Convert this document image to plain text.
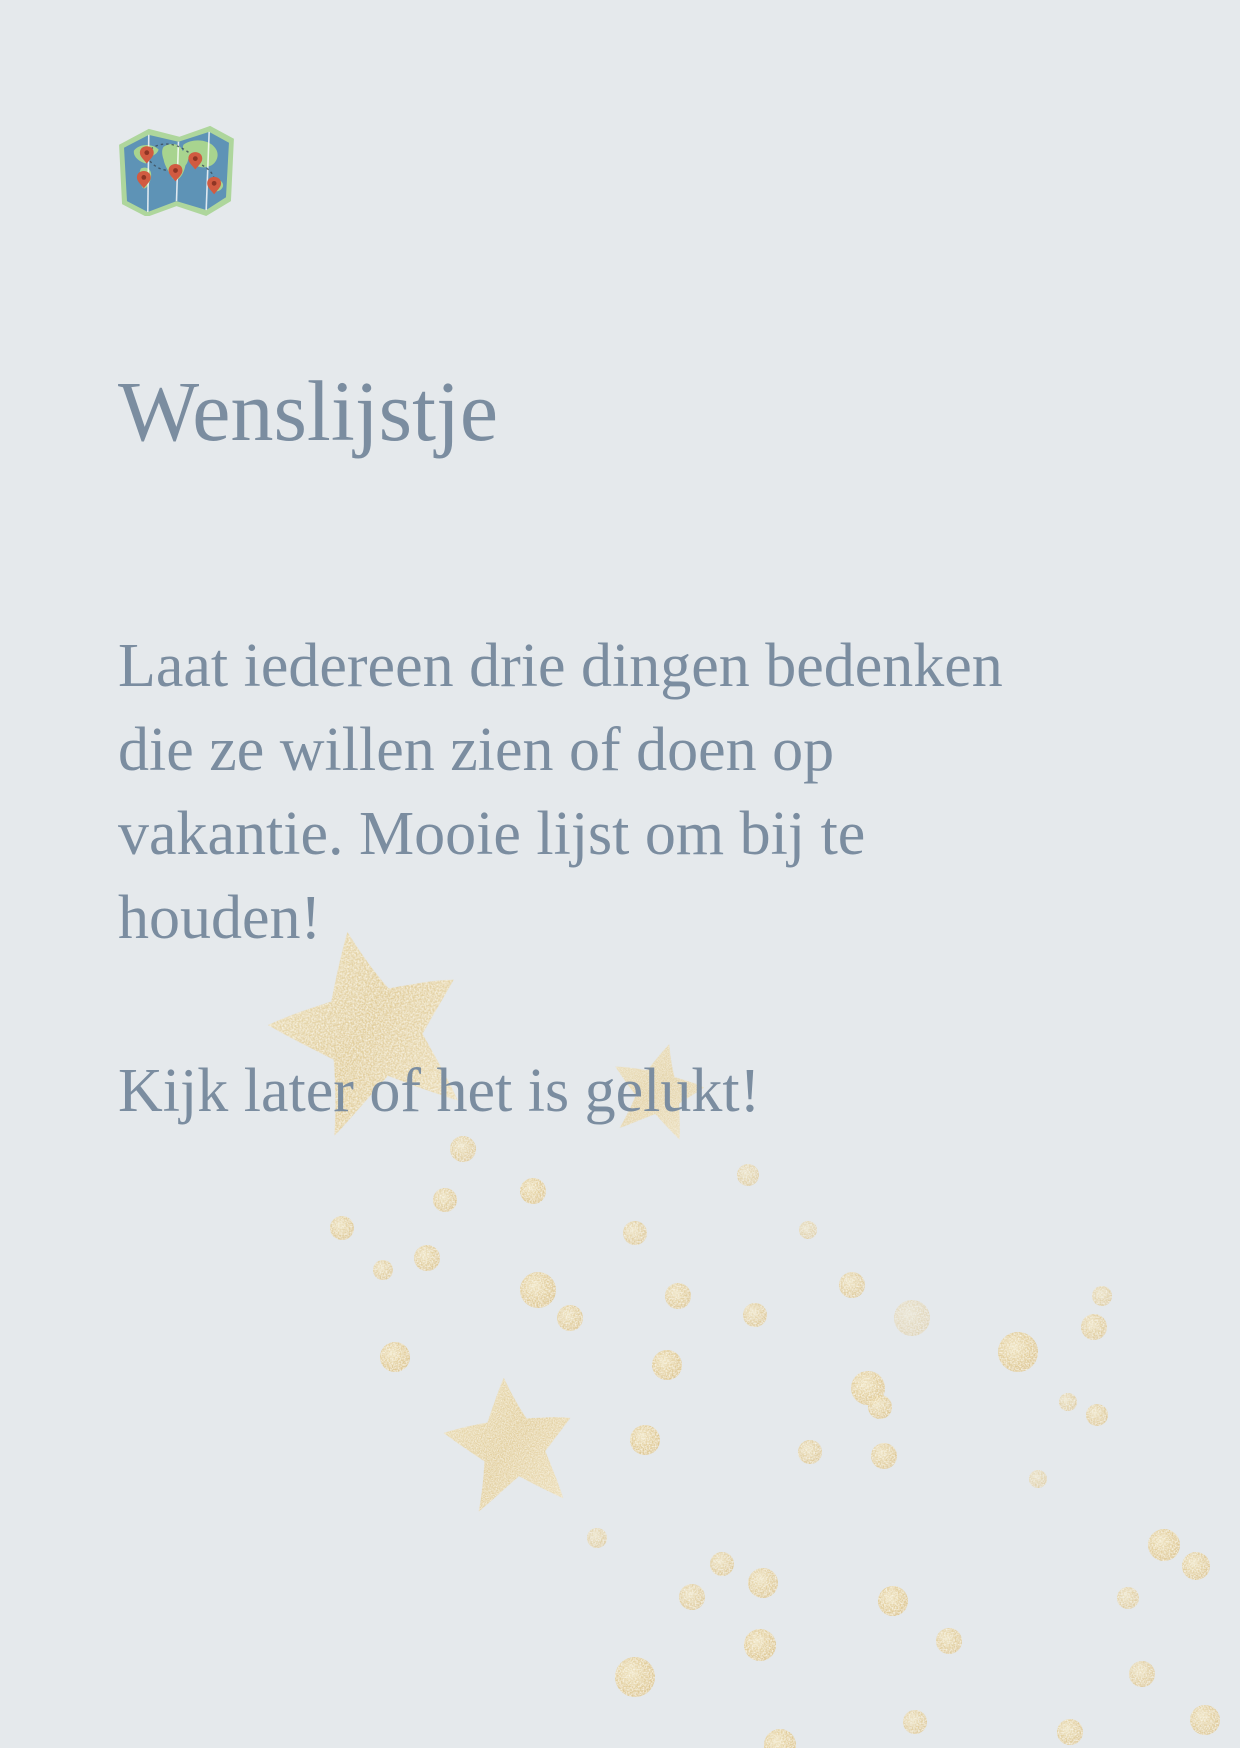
Wenslijstje
Laat iedereen drie dingen bedenken
die ze willen zien of doen op
vakantie. Mooie lijst om bij te
houden!
Kijk later of het is gelukt!
